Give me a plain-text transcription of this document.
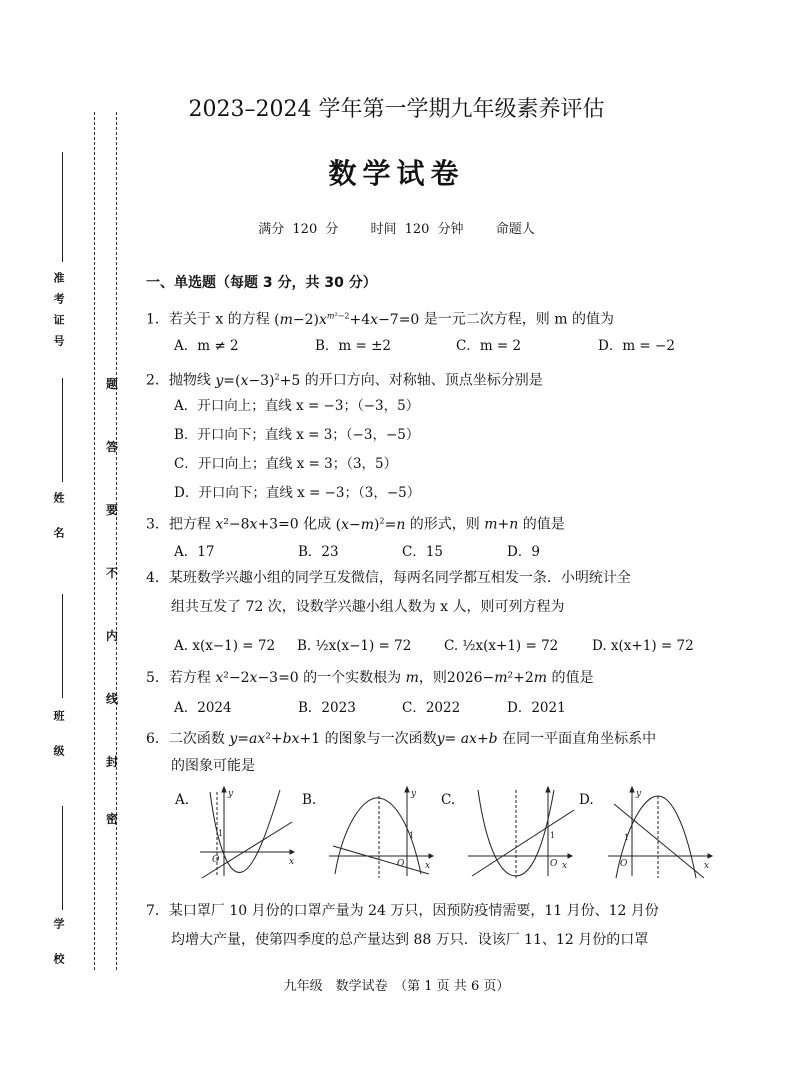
准考证号
姓 名
班 级
学 校
题
答
要
不
内
线
封
密
2023–2024 学年第一学期九年级素养评估
数学试卷
满分 120 分 时间 120 分钟 命题人
一、单选题（每题 3 分，共 30 分）
1．若关于 x 的方程 $(m-2)x^{m^2-2}+4x-7=0$ 是一元二次方程，则 m 的值为
A．m ≠ 2	B．m = ±2	C．m = 2	D．m = −2
2．抛物线 $y=(x-3)^2+5$ 的开口方向、对称轴、顶点坐标分别是
A．开口向上；直线 x = −3；（−3，5）
B．开口向下；直线 x = 3；（−3，−5）
C．开口向上；直线 x = 3；（3，5）
D．开口向下；直线 x = −3；（3，−5）
3．把方程 x²−8x+3=0 化成 $(x-m)^2=n$ 的形式，则 m+n 的值是
A．17	B．23	C．15	D．9
4．某班数学兴趣小组的同学互发微信，每两名同学都互相发一条．小明统计全
组共互发了 72 次，设数学兴趣小组人数为 x 人，则可列方程为
A. x(x−1) = 72 B. ½x(x−1) = 72 C. ½x(x+1) = 72	D. x(x+1) = 72
5．若方程 x²−2x−3=0 的一个实数根为 m，则2026−m²+2m 的值是
A．2024	B．2023	C．2022	D．2021
6．二次函数 y=ax²+bx+1 的图象与一次函数y= ax+b 在同一平面直角坐标系中
的图象可能是
A.	y
x
O
1
B.	y
x
O
1
C.	·
x
O
1
D.	y
x
O
1
7．某口罩厂 10 月份的口罩产量为 24 万只，因预防疫情需要，11 月份、12 月份
均增大产量，使第四季度的总产量达到 88 万只．设该厂 11、12 月份的口罩
九年级　数学试卷　（第 1 页 共 6 页）
